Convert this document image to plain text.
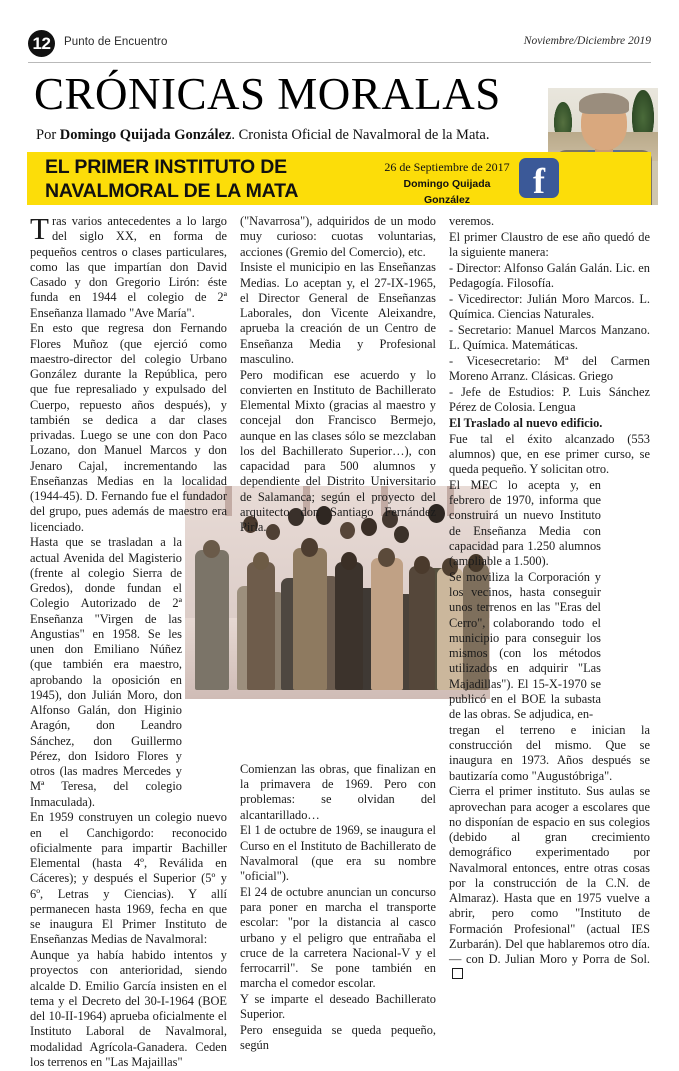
12	Punto de Encuentro	Noviembre/Diciembre 2019
CRÓNICAS MORALAS
Por Domingo Quijada González. Cronista Oficial de Navalmoral de la Mata.
EL PRIMER INSTITUTO DE
NAVALMORAL DE LA MATA
26 de Septiembre de 2017
Domingo Quijada González	f

Tras varios antecedentes a lo largo del siglo XX, en forma de pequeños centros o clases particulares, como las que impartían don David Casado y don Gregorio Lirón: éste funda en 1944 el colegio de 2ª Enseñanza llamado "Ave María".

En esto que regresa don Fernando Flores Muñoz (que ejerció como maestro-director del colegio Urbano González durante la República, pero que fue represaliado y expulsado del Cuerpo, repuesto años después), y también se dedica a dar clases privadas. Luego se une con don Paco Lozano, don Manuel Marcos y don Jenaro Cajal, incrementando las Enseñanzas Medias en la localidad (1944-45). D. Fernando fue el fundador del grupo, pues además de maestro era licenciado.

Hasta que se trasladan a la actual Avenida del Magisterio (frente al colegio Sierra de Gredos), donde fundan el Colegio Autorizado de 2ª Enseñanza "Virgen de las Angustias" en 1958. Se les unen don Emiliano Núñez (que también era maestro, aprobando la oposición en 1945), don Julián Moro, don Alfonso Galán, don Higinio Aragón, don Leandro Sánchez, don Guillermo Pérez, don Isidoro Flores y otros (las madres Mercedes y Mª Teresa, del colegio Inmaculada).

En 1959 construyen un colegio nuevo en el Canchigordo: reconocido oficialmente para impartir Bachiller Elemental (hasta 4º, Reválida en Cáceres); y después el Superior (5º y 6º, Letras y Ciencias). Y allí permanecen hasta 1969, fecha en que se inaugura El Primer Instituto de Enseñanzas Medias de Navalmoral:

Aunque ya había habido intentos y proyectos con anterioridad, siendo alcalde D. Emilio García insisten en el tema y el Decreto del 30-I-1964 (BOE del 10-II-1964) aprueba oficialmente el Instituto Laboral de Navalmoral, modalidad Agrícola-Ganadera. Ceden los terrenos en "Las Majaillas"

("Navarrosa"), adquiridos de un modo muy curioso: cuotas voluntarias, acciones (Gremio del Comercio), etc.

Insiste el municipio en las Enseñanzas Medias. Lo aceptan y, el 27-IX-1965, el Director General de Enseñanzas Laborales, don Vicente Aleixandre, aprueba la creación de un Centro de Enseñanza Media y Profesional masculino.

Pero modifican ese acuerdo y lo convierten en Instituto de Bachillerato Elemental Mixto (gracias al maestro y concejal don Francisco Bermejo, aunque en las clases sólo se mezclaban los del Bachillerato Superior…), con capacidad para 500 alumnos y dependiente del Distrito Universitario de Salamanca; según el proyecto del arquitecto don Santiago Fernández Pirla.

Comienzan las obras, que finalizan en la primavera de 1969. Pero con problemas: se olvidan del alcantarillado…

El 1 de octubre de 1969, se inaugura el Curso en el Instituto de Bachillerato de Navalmoral (que era su nombre "oficial").

El 24 de octubre anuncian un concurso para poner en marcha el transporte escolar: "por la distancia al casco urbano y el peligro que entrañaba el cruce de la carretera Nacional-V y el ferrocarril". Se pone también en marcha el comedor escolar.

Y se imparte el deseado Bachillerato Superior.

Pero enseguida se queda pequeño, según

veremos.

El primer Claustro de ese año quedó de la siguiente manera:

- Director: Alfonso Galán Galán. Lic. en Pedagogía. Filosofía.

- Vicedirector: Julián Moro Marcos. L. Química. Ciencias Naturales.

- Secretario: Manuel Marcos Manzano. L. Química. Matemáticas.

- Vicesecretario: Mª del Carmen Moreno Arranz. Clásicas. Griego

- Jefe de Estudios: P. Luis Sánchez Pérez de Colosia. Lengua

El Traslado al nuevo edificio.

Fue tal el éxito alcanzado (553 alumnos) que, en ese primer curso, se queda pequeño. Y solicitan otro.

El MEC lo acepta y, en febrero de 1970, informa que construirá un nuevo Instituto de Enseñanza Media con capacidad para 1.250 alumnos (ampliable a 1.500).

Se moviliza la Corporación y los vecinos, hasta conseguir unos terrenos en las "Eras del Cerro", colaborando todo el municipio para conseguir los mismos (con los métodos utilizados en adquirir "Las Majadillas"). El 15-X-1970 se publicó en el BOE la subasta de las obras. Se adjudica, en-

tregan el terreno e inician la construcción del mismo. Que se inaugura en 1973. Años después se bautizaría como "Augustóbriga".

Cierra el primer instituto. Sus aulas se aprovechan para acoger a escolares que no disponían de espacio en sus colegios (debido al gran crecimiento demográfico experimentado por Navalmoral entonces, entre otras cosas por la construcción de la C.N. de Almaraz). Hasta que en 1975 vuelve a abrir, pero como "Instituto de Formación Profesional" (actual IES Zurbarán). Del que hablaremos otro día. — con D. Julian Moro y Porra de Sol.
